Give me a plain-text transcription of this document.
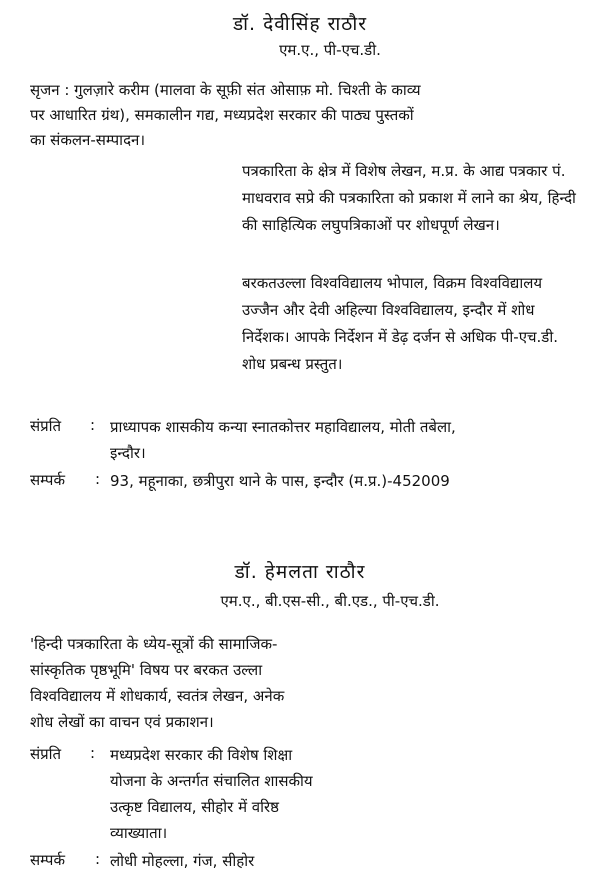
डॉ. देवीसिंह राठौर
एम.ए., पी-एच.डी.
सृजन : गुलज़ारे करीम (मालवा के सूफ़ी संत ओसाफ़ मो. चिश्ती के काव्य
पर आधारित ग्रंथ), समकालीन गद्य, मध्यप्रदेश सरकार की पाठ्य पुस्तकों
का संकलन-सम्पादन।
पत्रकारिता के क्षेत्र में विशेष लेखन, म.प्र. के आद्य पत्रकार पं. माधवराव सप्रे की पत्रकारिता को प्रकाश में लाने का श्रेय, हिन्दी की साहित्यिक लघुपत्रिकाओं पर शोधपूर्ण लेखन।
बरकतउल्ला विश्वविद्यालय भोपाल, विक्रम विश्वविद्यालय उज्जैन और देवी अहिल्या विश्वविद्यालय, इन्दौर में शोध निर्देशक। आपके निर्देशन में डेढ़ दर्जन से अधिक पी-एच.डी. शोध प्रबन्ध प्रस्तुत।
संप्रति : प्राध्यापक शासकीय कन्या स्नातकोत्तर महाविद्यालय, मोती तबेला,
इन्दौर।
सम्पर्क : 93, महूनाका, छत्रीपुरा थाने के पास, इन्दौर (म.प्र.)-452009
डॉ. हेमलता राठौर
एम.ए., बी.एस-सी., बी.एड., पी-एच.डी.
'हिन्दी पत्रकारिता के ध्येय-सूत्रों की सामाजिक-
सांस्कृतिक पृष्ठभूमि' विषय पर बरकत उल्ला
विश्वविद्यालय में शोधकार्य, स्वतंत्र लेखन, अनेक
शोध लेखों का वाचन एवं प्रकाशन।
संप्रति : मध्यप्रदेश सरकार की विशेष शिक्षा
योजना के अन्तर्गत संचालित शासकीय
उत्कृष्ट विद्यालय, सीहोर में वरिष्ठ
व्याख्याता।
सम्पर्क : लोधी मोहल्ला, गंज, सीहोर
